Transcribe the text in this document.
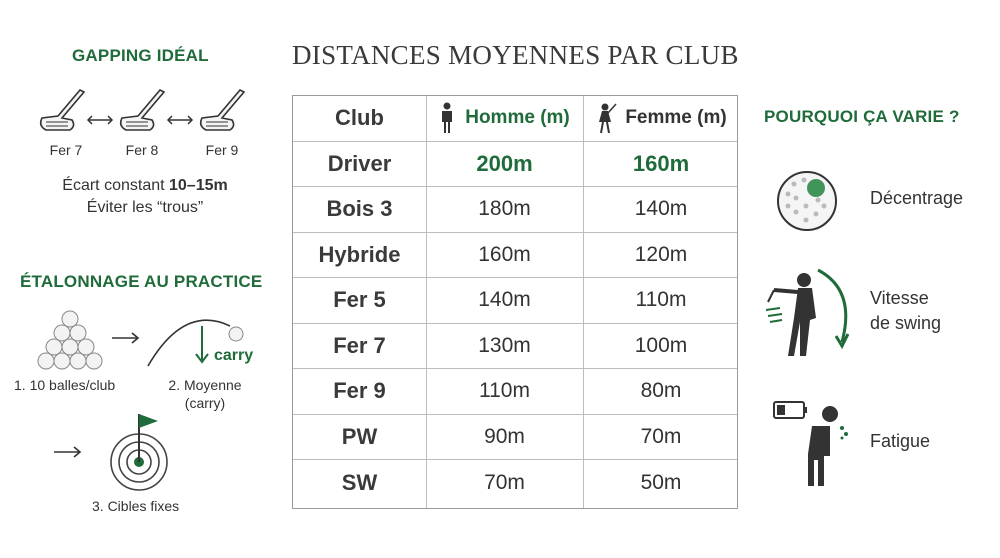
GAPPING IDÉAL
Fer 7	Fer 8	Fer 9
Écart constant 10–15m
Éviter les “trous”
ÉTALONNAGE AU PRACTICE
carry
1. 10 balles/club	2. Moyenne
(carry)
3. Cibles fixes
DISTANCES MOYENNES PAR CLUB
Club	Homme (m)	Femme (m)
Driver	200m	160m
Bois 3	180m	140m
Hybride	160m	120m
Fer 5	140m	110m
Fer 7	130m	100m
Fer 9	110m	80m
PW	90m	70m
SW	70m	50m
POURQUOI ÇA VARIE ?
Décentrage
Vitesse
de swing
Fatigue
